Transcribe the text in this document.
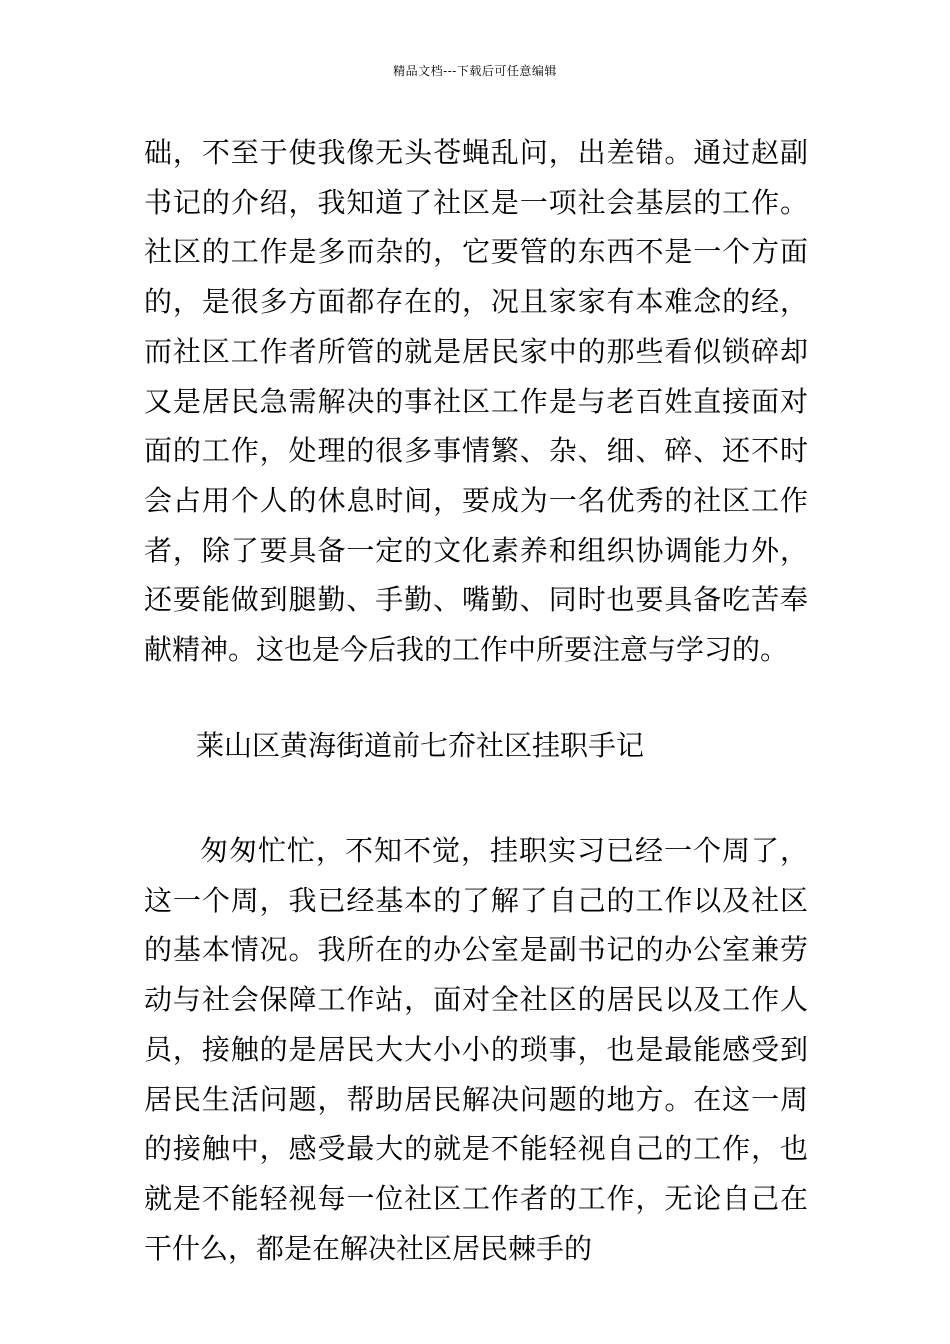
精品文档---下载后可任意编辑

础，不至于使我像无头苍蝇乱问，出差错。通过赵副书记的介绍，我知道了社区是一项社会基层的工作。社区的工作是多而杂的，它要管的东西不是一个方面的，是很多方面都存在的，况且家家有本难念的经，而社区工作者所管的就是居民家中的那些看似锁碎却又是居民急需解决的事社区工作是与老百姓直接面对面的工作，处理的很多事情繁、杂、细、碎、还不时会占用个人的休息时间，要成为一名优秀的社区工作者，除了要具备一定的文化素养和组织协调能力外，还要能做到腿勤、手勤、嘴勤、同时也要具备吃苦奉献精神。这也是今后我的工作中所要注意与学习的。

莱山区黄海街道前七夼社区挂职手记

匆匆忙忙，不知不觉，挂职实习已经一个周了，这一个周，我已经基本的了解了自己的工作以及社区的基本情况。我所在的办公室是副书记的办公室兼劳动与社会保障工作站，面对全社区的居民以及工作人员，接触的是居民大大小小的琐事，也是最能感受到居民生活问题，帮助居民解决问题的地方。在这一周的接触中，感受最大的就是不能轻视自己的工作，也就是不能轻视每一位社区工作者的工作，无论自己在干什么，都是在解决社区居民棘手的
